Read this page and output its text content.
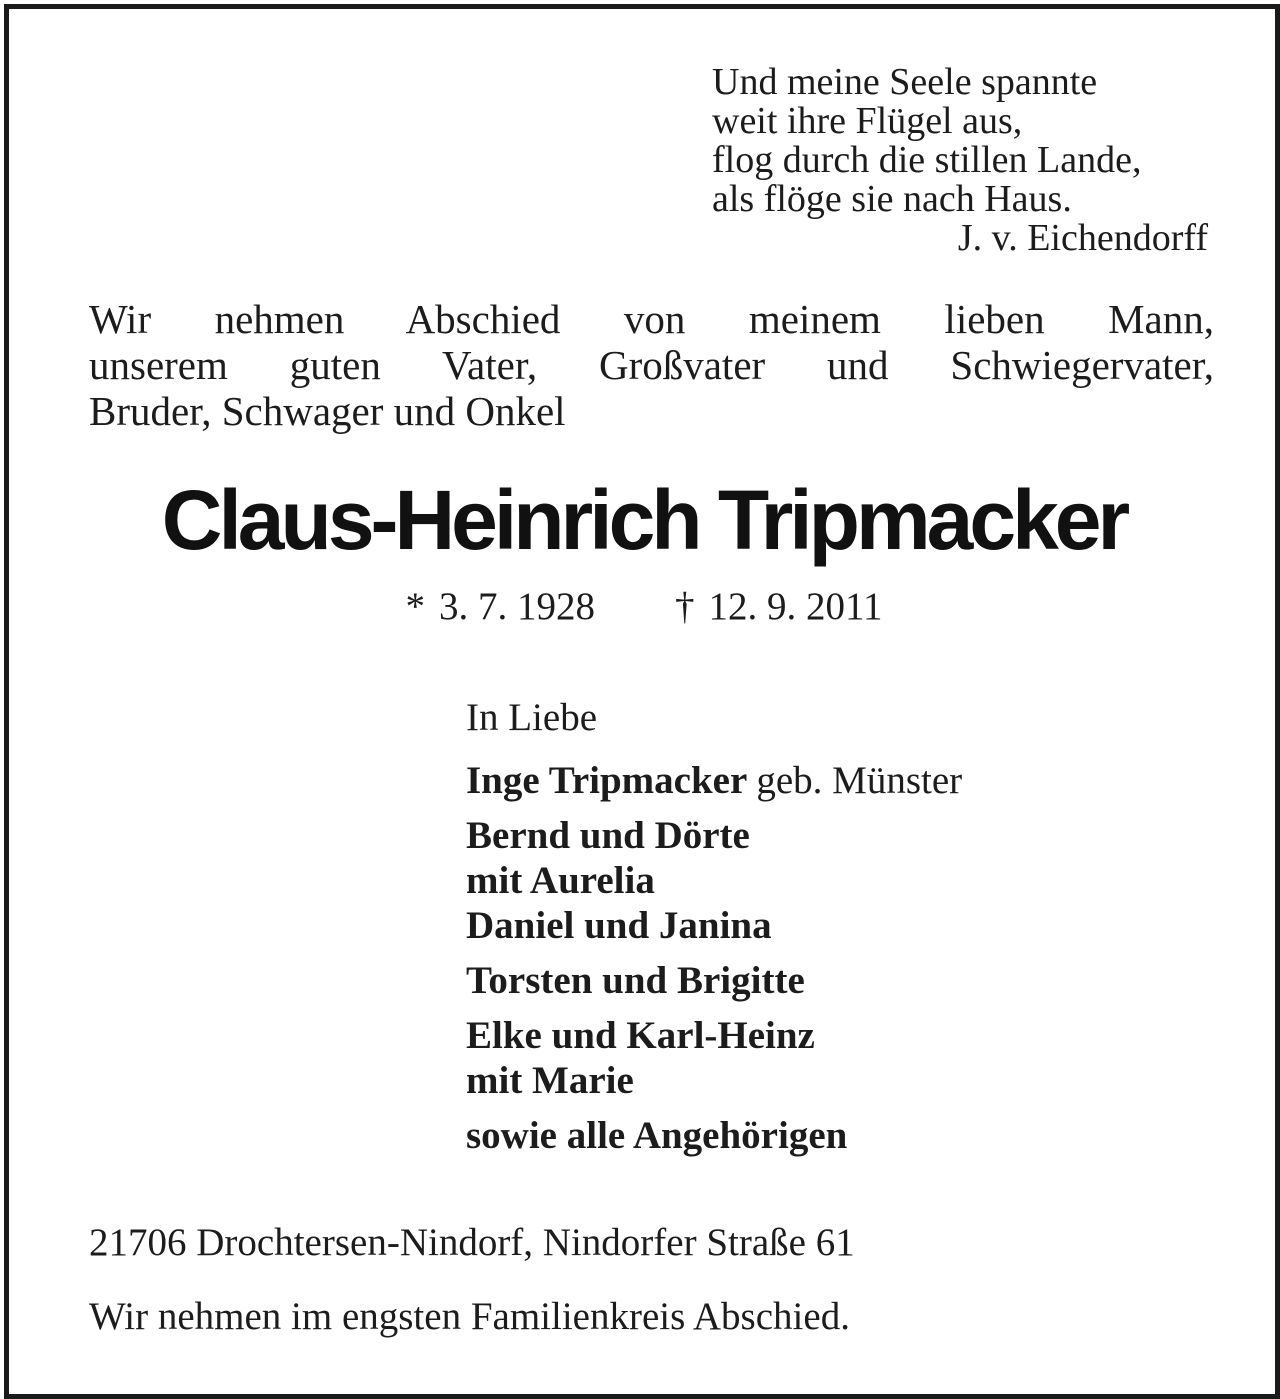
Und meine Seele spannte
weit ihre Flügel aus,
flog durch die stillen Lande,
als flöge sie nach Haus.
J. v. Eichendorff
Wir nehmen Abschied von meinem lieben Mann,
unserem guten Vater, Großvater und Schwiegervater,
Bruder, Schwager und Onkel
Claus-Heinrich Tripmacker
* 3. 7. 1928 † 12. 9. 2011
In Liebe
Inge Tripmacker geb. Münster
Bernd und Dörte
mit Aurelia
Daniel und Janina
Torsten und Brigitte
Elke und Karl-Heinz
mit Marie
sowie alle Angehörigen
21706 Drochtersen-Nindorf, Nindorfer Straße 61
Wir nehmen im engsten Familienkreis Abschied.
